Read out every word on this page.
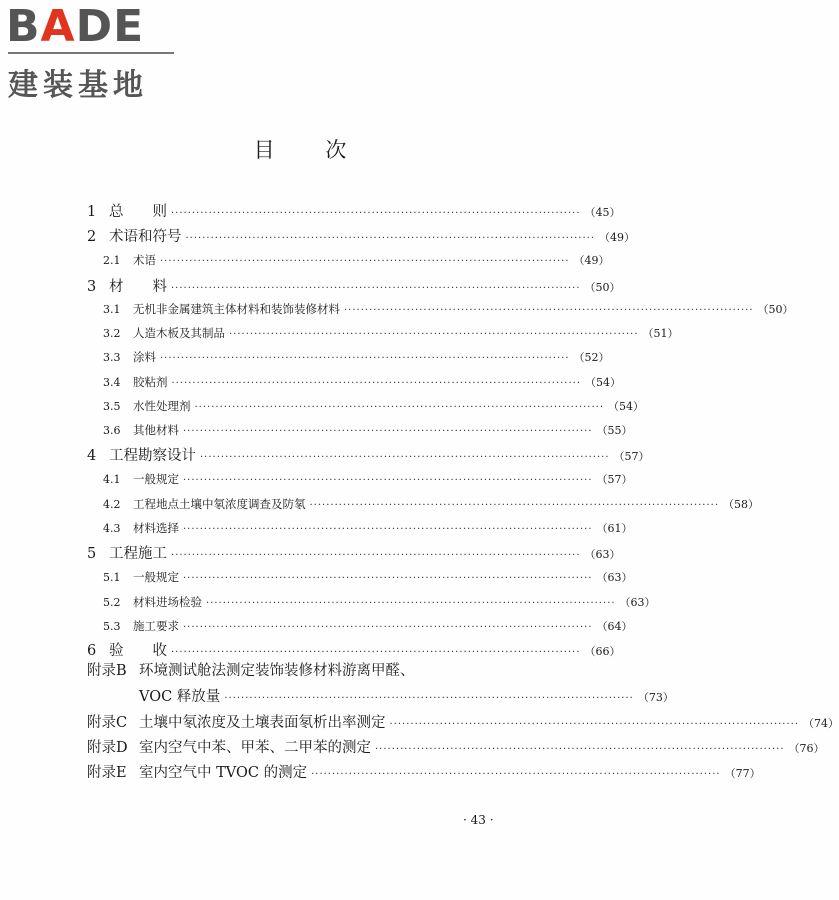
BADE
建装基地
目 次
1 总　　则 ·································································································· （45）
2 术语和符号 ·································································································· （49）
2.1	术语 ·································································································· （49）
3 材　　料 ·································································································· （50）
3.1	无机非金属建筑主体材料和装饰装修材料 ·································································································· （50）
3.2	人造木板及其制品 ·································································································· （51）
3.3	涂料 ·································································································· （52）
3.4	胶粘剂 ·································································································· （54）
3.5	水性处理剂 ·································································································· （54）
3.6	其他材料 ·································································································· （55）
4 工程勘察设计 ·································································································· （57）
4.1	一般规定 ·································································································· （57）
4.2	工程地点土壤中氡浓度调查及防氡 ·································································································· （58）
4.3	材料选择 ·································································································· （61）
5 工程施工 ·································································································· （63）
5.1	一般规定 ·································································································· （63）
5.2	材料进场检验 ·································································································· （63）
5.3	施工要求 ·································································································· （64）
6 验　　收 ·································································································· （66）
附录B 环境测试舱法测定装饰装修材料游离甲醛、
VOC 释放量 ·································································································· （73）
附录C 土壤中氡浓度及土壤表面氡析出率测定 ·································································································· （74）
附录D 室内空气中苯、甲苯、二甲苯的测定 ·································································································· （76）
附录E 室内空气中 TVOC 的测定 ·································································································· （77）
· 43 ·
